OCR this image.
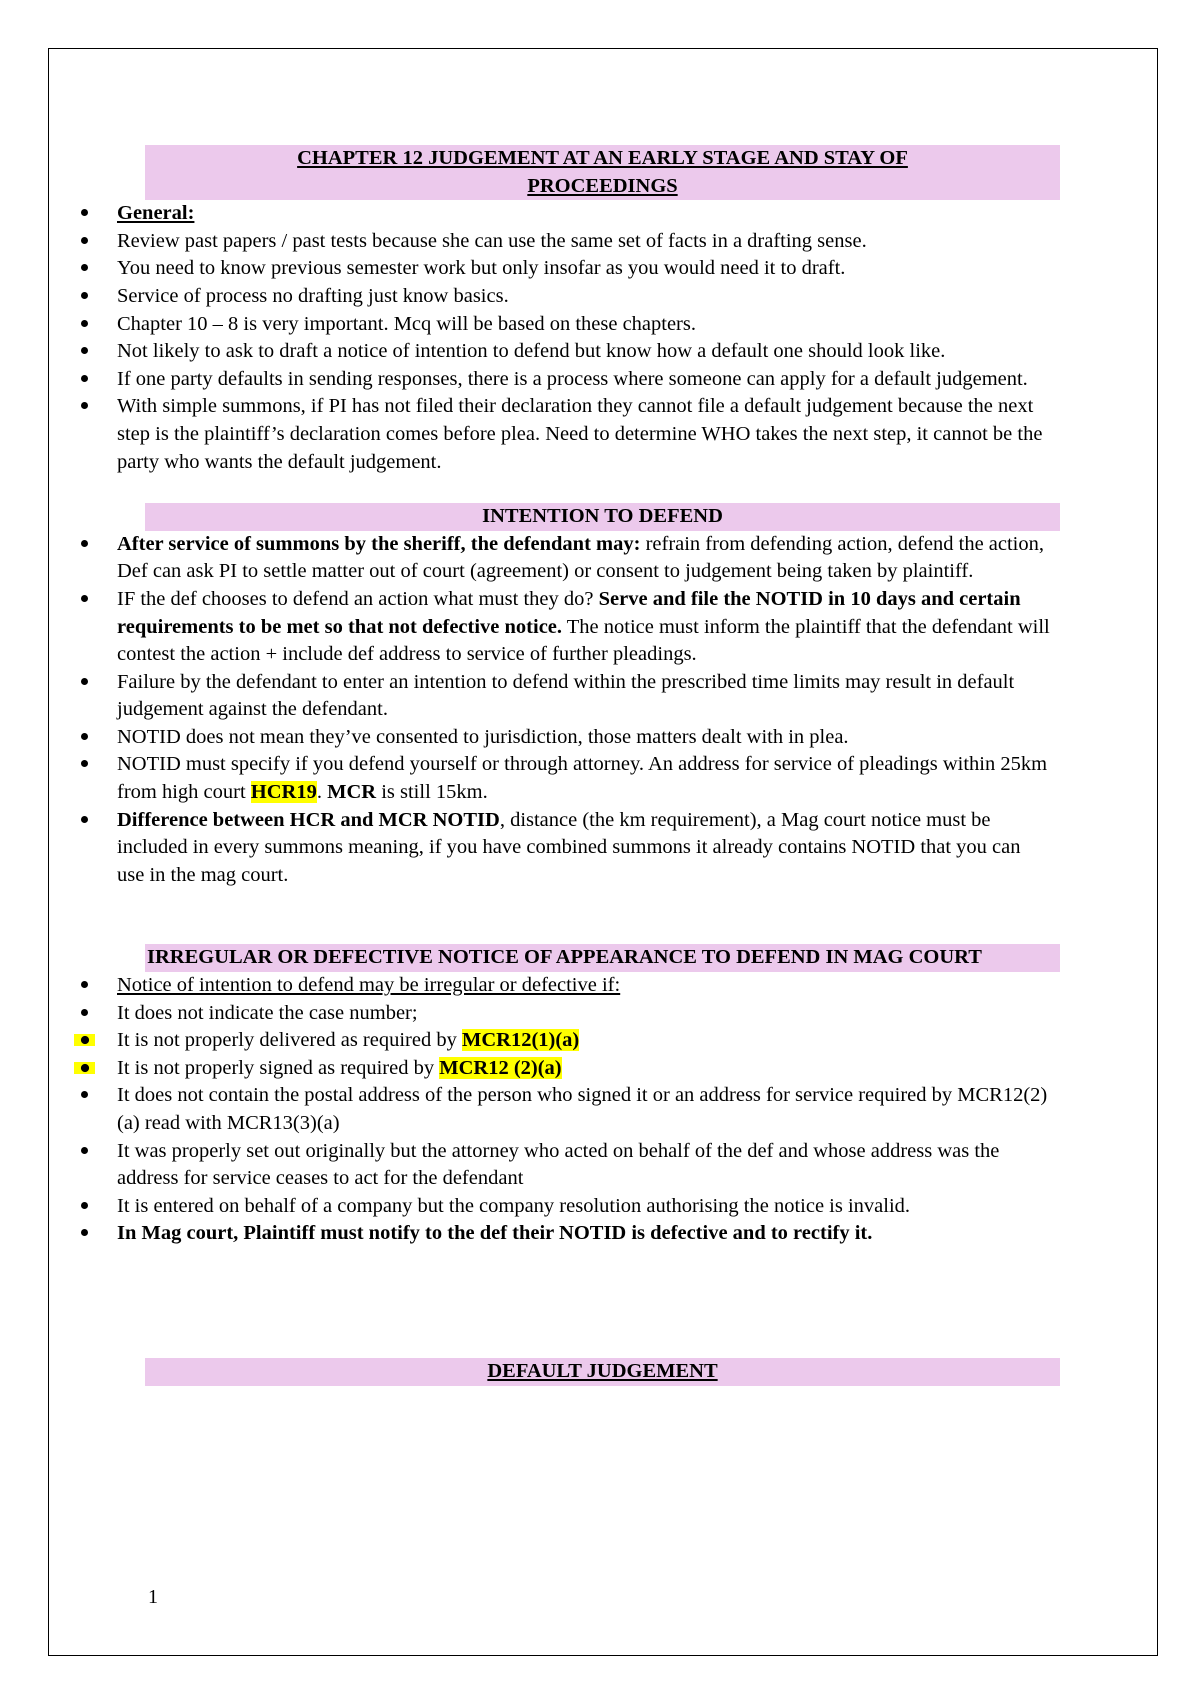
CHAPTER 12 JUDGEMENT AT AN EARLY STAGE AND STAY OF
PROCEEDINGS
General:
Review past papers / past tests because she can use the same set of facts in a drafting sense.
You need to know previous semester work but only insofar as you would need it to draft.
Service of process no drafting just know basics.
Chapter 10 – 8 is very important. Mcq will be based on these chapters.
Not likely to ask to draft a notice of intention to defend but know how a default one should look like.
If one party defaults in sending responses, there is a process where someone can apply for a default judgement.
With simple summons, if PI has not filed their declaration they cannot file a default judgement because the next step is the plaintiff’s declaration comes before plea. Need to determine WHO takes the next step, it cannot be the party who wants the default judgement.
INTENTION TO DEFEND
After service of summons by the sheriff, the defendant may: refrain from defending action, defend the action, Def can ask PI to settle matter out of court (agreement) or consent to judgement being taken by plaintiff.
IF the def chooses to defend an action what must they do? Serve and file the NOTID in 10 days and certain requirements to be met so that not defective notice. The notice must inform the plaintiff that the defendant will contest the action + include def address to service of further pleadings.
Failure by the defendant to enter an intention to defend within the prescribed time limits may result in default judgement against the defendant.
NOTID does not mean they’ve consented to jurisdiction, those matters dealt with in plea.
NOTID must specify if you defend yourself or through attorney. An address for service of pleadings within 25km from high court HCR19. MCR is still 15km.
Difference between HCR and MCR NOTID, distance (the km requirement), a Mag court notice must be included in every summons meaning, if you have combined summons it already contains NOTID that you can use in the mag court.
IRREGULAR OR DEFECTIVE NOTICE OF APPEARANCE TO DEFEND IN MAG COURT
Notice of intention to defend may be irregular or defective if:
It does not indicate the case number;
It is not properly delivered as required by MCR12(1)(a)
It is not properly signed as required by MCR12 (2)(a)
It does not contain the postal address of the person who signed it or an address for service required by MCR12(2)(a) read with MCR13(3)(a)
It was properly set out originally but the attorney who acted on behalf of the def and whose address was the address for service ceases to act for the defendant
It is entered on behalf of a company but the company resolution authorising the notice is invalid.
In Mag court, Plaintiff must notify to the def their NOTID is defective and to rectify it.
DEFAULT JUDGEMENT
1
